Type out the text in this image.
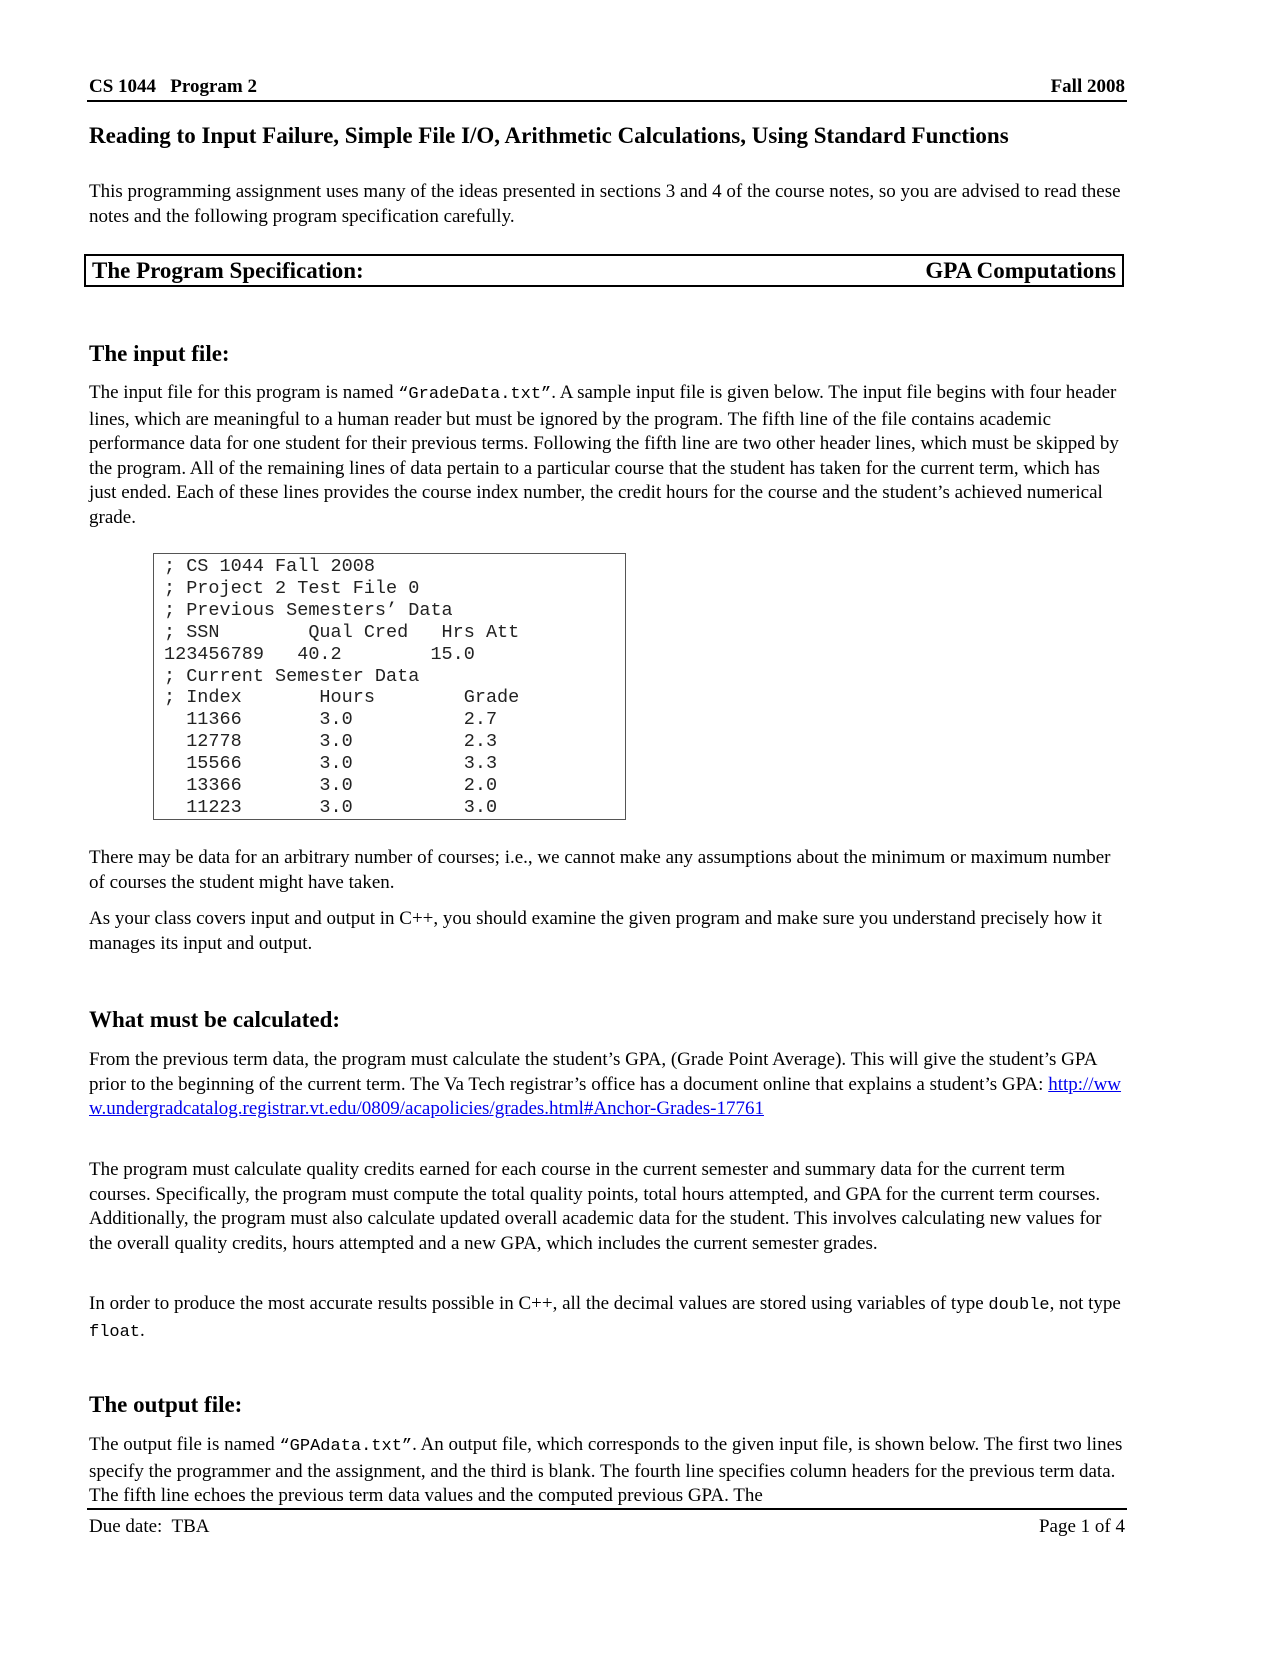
CS 1044   Program 2	Fall 2008
Reading to Input Failure, Simple File I/O, Arithmetic Calculations, Using Standard Functions

This programming assignment uses many of the ideas presented in sections 3 and 4 of the course notes, so you are advised to read these notes and the following program specification carefully.

The Program Specification:	GPA Computations
The input file:

The input file for this program is named “GradeData.txt”. A sample input file is given below. The input file begins with four header lines, which are meaningful to a human reader but must be ignored by the program. The fifth line of the file contains academic performance data for one student for their previous terms. Following the fifth line are two other header lines, which must be skipped by the program. All of the remaining lines of data pertain to a particular course that the student has taken for the current term, which has just ended. Each of these lines provides the course index number, the credit hours for the course and the student’s achieved numerical grade.

; CS 1044 Fall 2008
; Project 2 Test File 0
; Previous Semesters’ Data
; SSN        Qual Cred   Hrs Att
123456789   40.2        15.0
; Current Semester Data
; Index       Hours        Grade
11366       3.0          2.7
12778       3.0          2.3
15566       3.0          3.3
13366       3.0          2.0
11223       3.0          3.0

There may be data for an arbitrary number of courses; i.e., we cannot make any assumptions about the minimum or maximum number of courses the student might have taken.

As your class covers input and output in C++, you should examine the given program and make sure you understand precisely how it manages its input and output.

What must be calculated:

From the previous term data, the program must calculate the student’s GPA, (Grade Point Average). This will give the student’s GPA prior to the beginning of the current term. The Va Tech registrar’s office has a document online that explains a student’s GPA: http://www.undergradcatalog.registrar.vt.edu/0809/acapolicies/grades.html#Anchor-Grades-17761

The program must calculate quality credits earned for each course in the current semester and summary data for the current term courses. Specifically, the program must compute the total quality points, total hours attempted, and GPA for the current term courses. Additionally, the program must also calculate updated overall academic data for the student. This involves calculating new values for the overall quality credits, hours attempted and a new GPA, which includes the current semester grades.

In order to produce the most accurate results possible in C++, all the decimal values are stored using variables of type double, not type float.

The output file:

The output file is named “GPAdata.txt”. An output file, which corresponds to the given input file, is shown below. The first two lines specify the programmer and the assignment, and the third is blank. The fourth line specifies column headers for the previous term data. The fifth line echoes the previous term data values and the computed previous GPA. The

Due date:  TBA	Page 1 of 4
